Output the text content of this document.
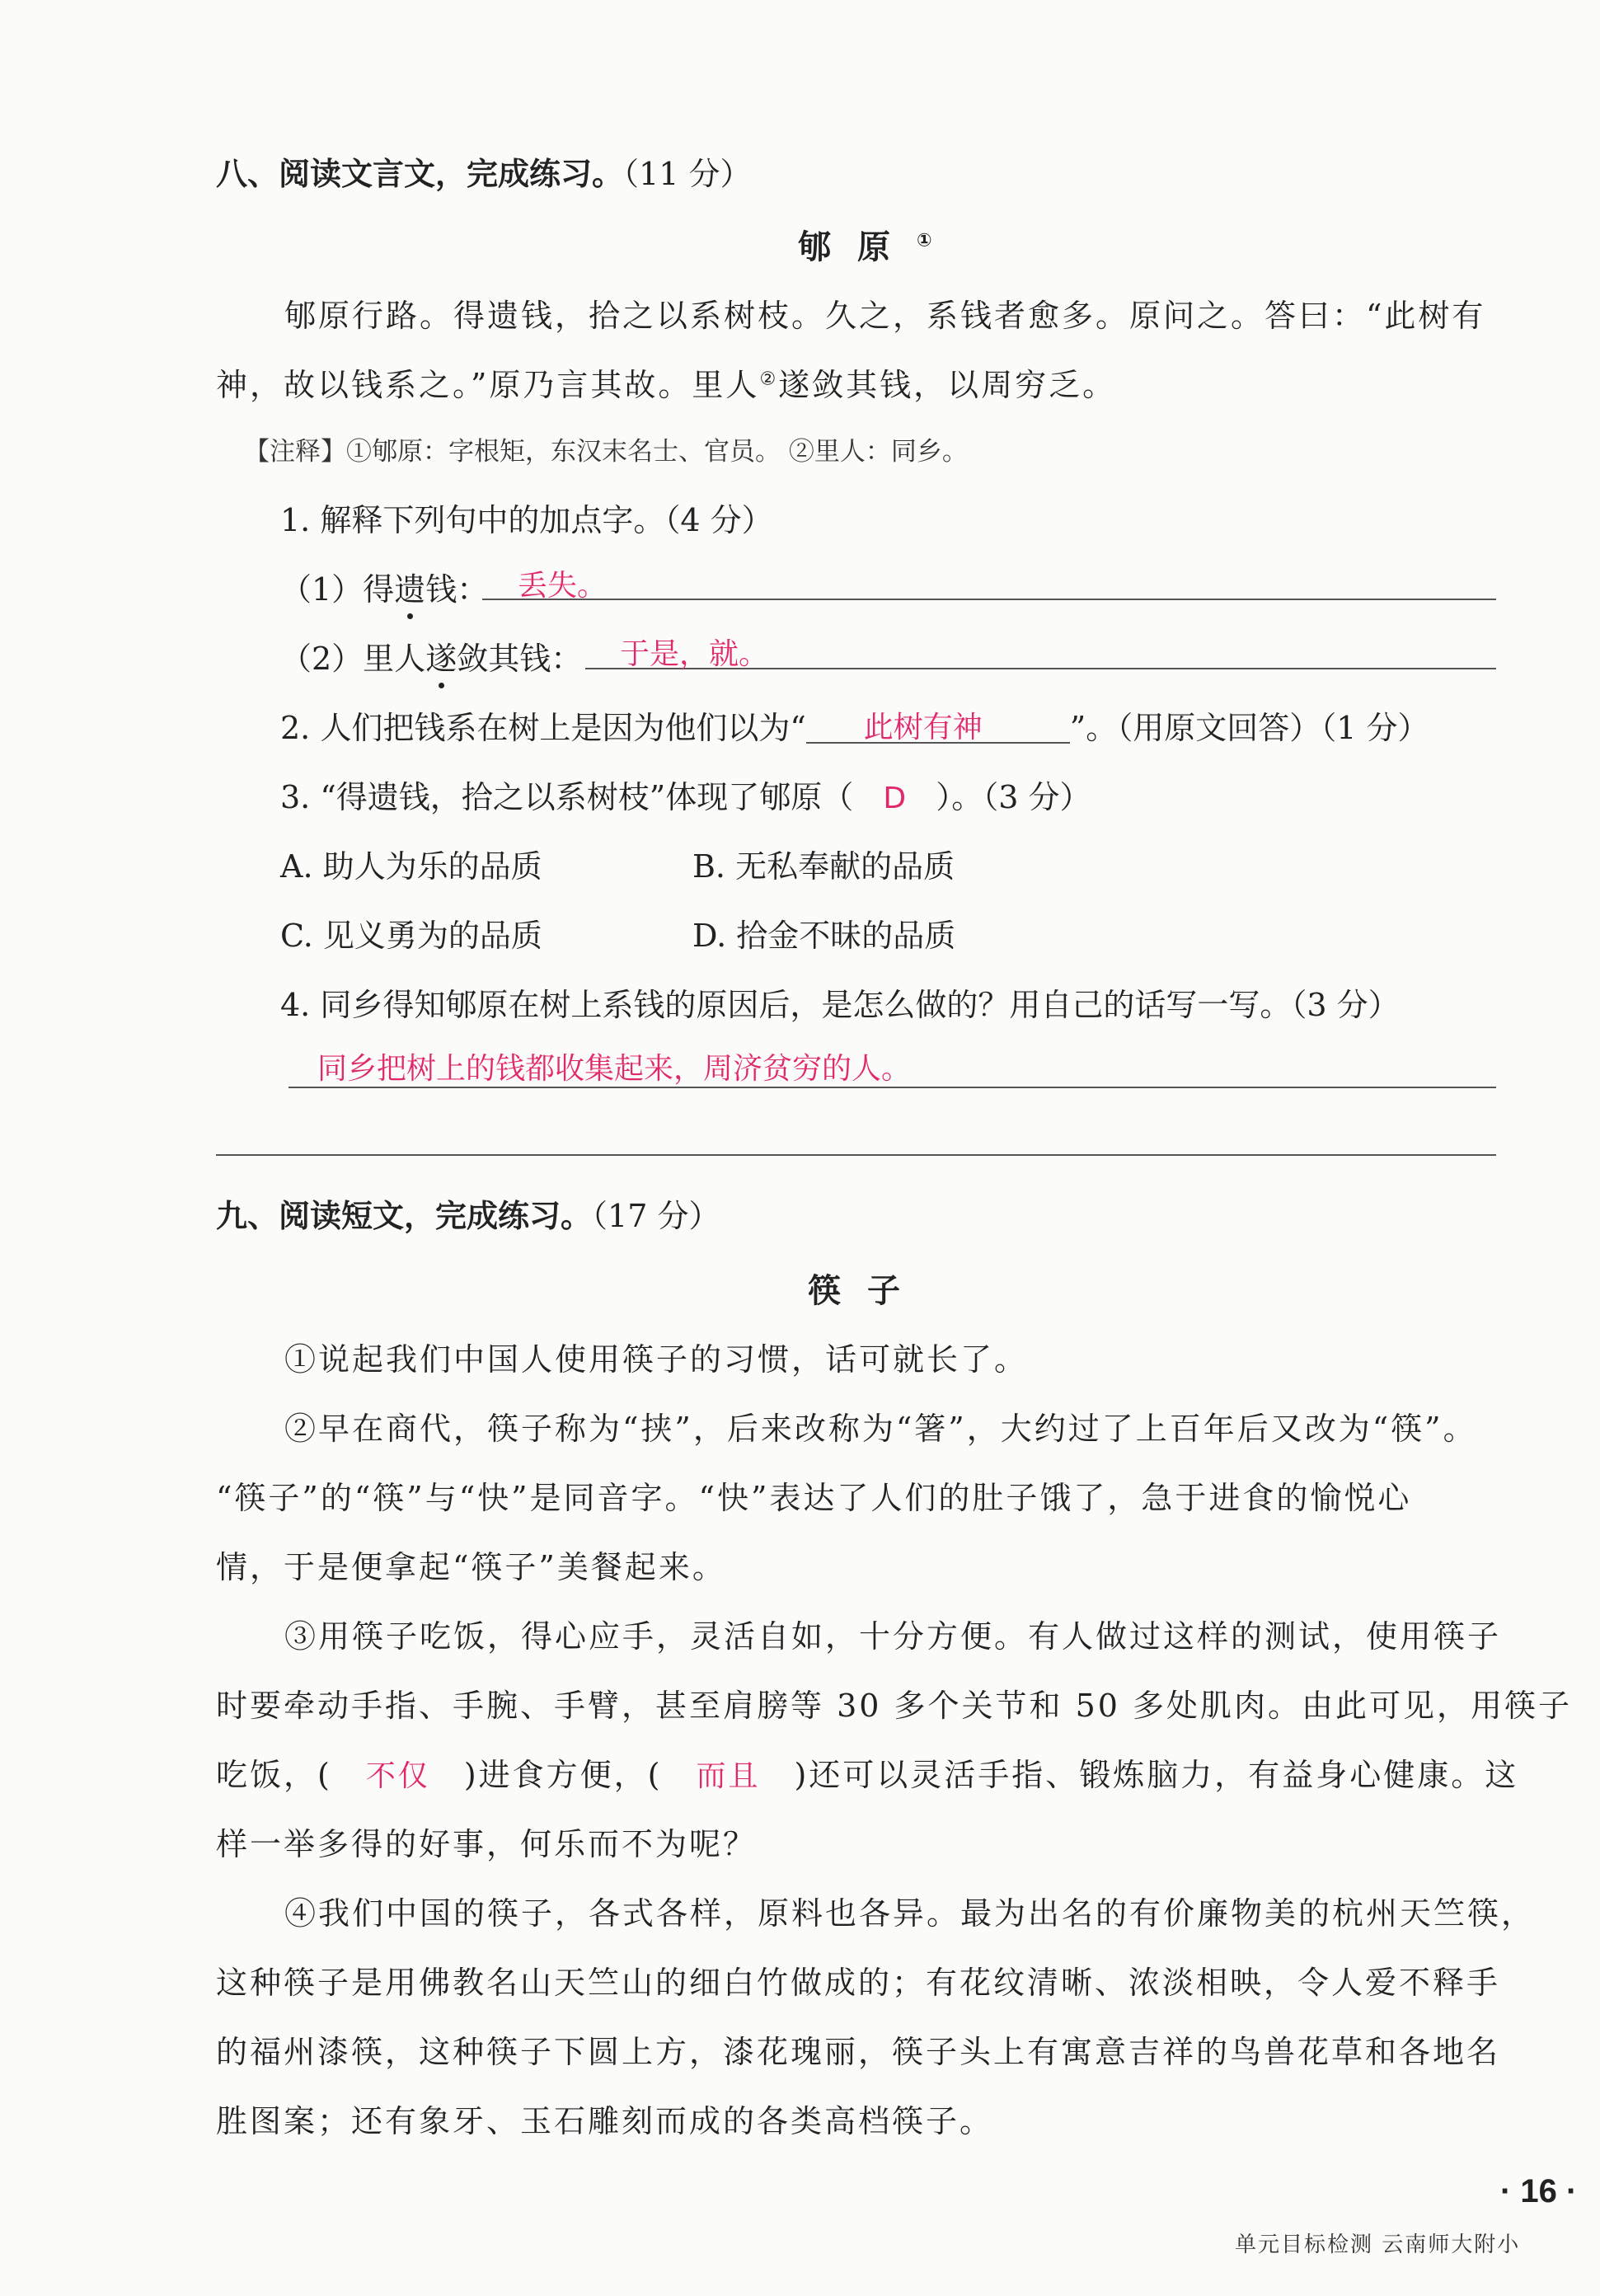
八、阅读文言文，完成练习。（11 分）
郇原①
郇原行路。得遗钱，拾之以系树枝。久之，系钱者愈多。原问之。答曰：“此树有
神，故以钱系之。”原乃言其故。里人②遂敛其钱，以周穷乏。
【注释】①郇原：字根矩，东汉末名士、官员。 ②里人：同乡。
1. 解释下列句中的加点字。（4 分）
（1）得遗钱： 丢失。
（2）里人遂敛其钱： 于是，就。
2. 人们把钱系在树上是因为他们以为“ 此树有神	”。（用原文回答）（1 分）
3. “得遗钱，拾之以系树枝”体现了郇原（ D ）。（3 分）
A. 助人为乐的品质	B. 无私奉献的品质
C. 见义勇为的品质	D. 拾金不昧的品质
4. 同乡得知郇原在树上系钱的原因后，是怎么做的？用自己的话写一写。（3 分）
同乡把树上的钱都收集起来，周济贫穷的人。
九、阅读短文，完成练习。（17 分）
筷子
①说起我们中国人使用筷子的习惯，话可就长了。
②早在商代，筷子称为“挟”，后来改称为“箸”，大约过了上百年后又改为“筷”。
“筷子”的“筷”与“快”是同音字。“快”表达了人们的肚子饿了，急于进食的愉悦心
情，于是便拿起“筷子”美餐起来。
③用筷子吃饭，得心应手，灵活自如，十分方便。有人做过这样的测试，使用筷子
时要牵动手指、手腕、手臂，甚至肩膀等 30 多个关节和 50 多处肌肉。由此可见，用筷子
吃饭，( 不仅 )进食方便，( 而且 )还可以灵活手指、锻炼脑力，有益身心健康。这
样一举多得的好事，何乐而不为呢？
④我们中国的筷子，各式各样，原料也各异。最为出名的有价廉物美的杭州天竺筷，
这种筷子是用佛教名山天竺山的细白竹做成的；有花纹清晰、浓淡相映，令人爱不释手
的福州漆筷，这种筷子下圆上方，漆花瑰丽，筷子头上有寓意吉祥的鸟兽花草和各地名
胜图案；还有象牙、玉石雕刻而成的各类高档筷子。
· 16 ·
单元目标检测 云南师大附小
